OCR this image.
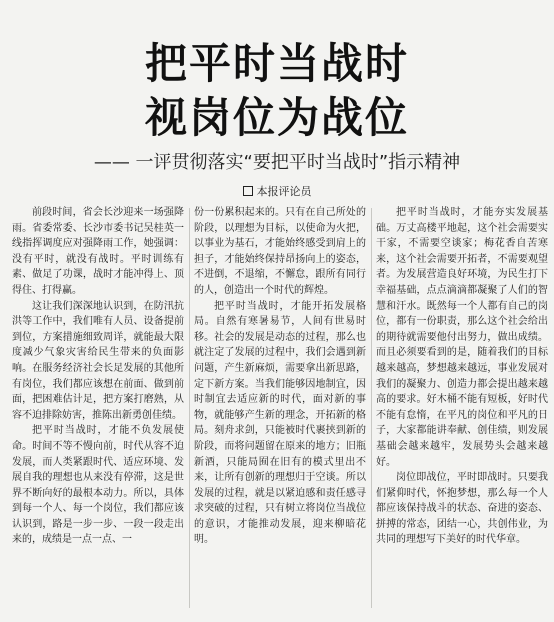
把平时当战时
视岗位为战位
—— 一评贯彻落实“要把平时当战时”指示精神
本报评论员

前段时间，省会长沙迎来一场强降雨。省委常委、长沙市委书记吴桂英一线指挥调度应对强降雨工作，她强调：没有平时，就没有战时。平时训练有素、做足了功课，战时才能冲得上、顶得住、打得赢。

这让我们深深地认识到，在防汛抗洪等工作中，我们唯有人员、设备提前到位，方案措施细致周详，就能最大限度减少气象灾害给民生带来的负面影响。在服务经济社会长足发展的其他所有岗位，我们都应该想在前面、做到前面，把困难估计足，把方案打磨熟，从容不迫排除妨害，推陈出新勇创佳绩。

把平时当战时，才能不负发展使命。时间不等不慢向前，时代从容不迫发展，而人类紧跟时代、适应环境、发展自我的理想也从来没有停滞，这是世界不断向好的最根本动力。所以，具体到每一个人、每一个岗位，我们都应该认识到，路是一步一步、一段一段走出来的，成绩是一点一点、一

份一份累积起来的。只有在自己所处的阶段，以理想为目标，以使命为火把，以事业为基石，才能始终感受到肩上的担子，才能始终保持昂扬向上的姿态，不进倒，不退缩，不懈怠，跟所有同行的人，创造出一个时代的辉煌。

把平时当战时，才能开拓发展格局。自然有寒暑易节，人间有世易时移。社会的发展是动态的过程，那么也就注定了发展的过程中，我们会遇到新问题，产生新麻烦，需要拿出新思路，定下新方案。当我们能够因地制宜，因时制宜去适应新的时代，面对新的事物，就能够产生新的理念，开拓新的格局。刻舟求剑，只能被时代裹挟到新的阶段，而将问题留在原来的地方；旧瓶新酒，只能局囿在旧有的模式里出不来，让所有创新的理想归于空谈。所以发展的过程，就是以紧迫感和责任感寻求突破的过程，只有树立将岗位当战位的意识，才能推动发展，迎来柳暗花明。

把平时当战时，才能夯实发展基础。万丈高楼平地起，这个社会需要实干家，不需要空谈家；梅花香自苦寒来，这个社会需要开拓者，不需要观望者。为发展营造良好环境，为民生打下幸福基础，点点滴滴都凝聚了人们的智慧和汗水。既然每一个人都有自己的岗位，都有一份职责，那么这个社会给出的期待就需要他付出努力，做出成绩。而且必须要看到的是，随着我们的目标越来越高，梦想越来越远，事业发展对我们的凝聚力、创造力都会提出越来越高的要求。好木桶不能有短板，好时代不能有怠惰，在平凡的岗位和平凡的日子，大家都能讲奉献、创佳绩，则发展基础会越来越牢，发展势头会越来越好。

岗位即战位，平时即战时。只要我们紧仰时代，怀抱梦想，那么每一个人都应该保持战斗的状态、奋进的姿态、拼搏的常态，团结一心，共创伟业，为共同的理想写下美好的时代华章。
